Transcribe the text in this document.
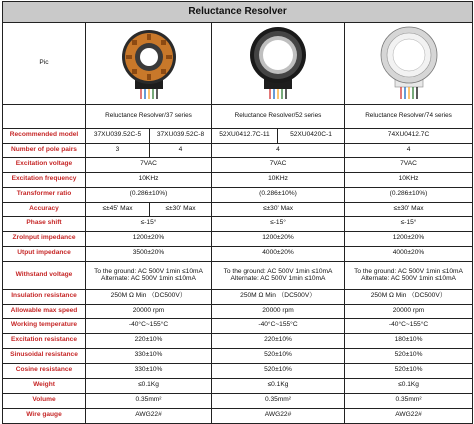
Reluctance Resolver					
Pic			
	Reluctance Resolver/37 series		Reluctance Resolver/52 series		Reluctance Resolver/74 series
Recommended model	37XU039.52C-5	37XU039.52C-8	52XU0412.7C-11	52XU0420C-1	74XU0412.7C
Number of pole pairs	3	4	4		4
Excitation voltage	7VAC		7VAC		7VAC
Excitation frequency	10KHz		10KHz		10KHz
Transformer ratio	(0.286±10%)		(0.286±10%)		(0.286±10%)
Accuracy	≤±45' Max	≤±30' Max	≤±30' Max		≤±30' Max
Phase shift	≤-15°		≤-15°		≤-15°
ZroInput impedance	1200±20%		1200±20%		1200±20%
Utput impedance	3500±20%		4000±20%		4000±20%
Withstand voltage	To the ground: AC 500V 1min ≤10mA
Alternate: AC 500V 1min ≤10mA		To the ground: AC 500V 1min ≤10mA
Alternate: AC 500V 1min ≤10mA		To the ground: AC 500V 1min ≤10mA
Alternate: AC 500V 1min ≤10mA
Insulation resistance	250M Ω Min （DC500V）		250M Ω Min （DC500V）		250M Ω Min （DC500V）
Allowable max speed	20000 rpm		20000 rpm		20000 rpm
Working temperature	-40°C~155°C		-40°C~155°C		-40°C~155°C
Excitation resistance	220±10%		220±10%		180±10%
Sinusoidal resistance	330±10%		520±10%		520±10%
Cosine resistance	330±10%		520±10%		520±10%
Weight	≤0.1Kg		≤0.1Kg		≤0.1Kg
Volume	0.35mm²		0.35mm²		0.35mm²
Wire gauge	AWG22#		AWG22#		AWG22#
